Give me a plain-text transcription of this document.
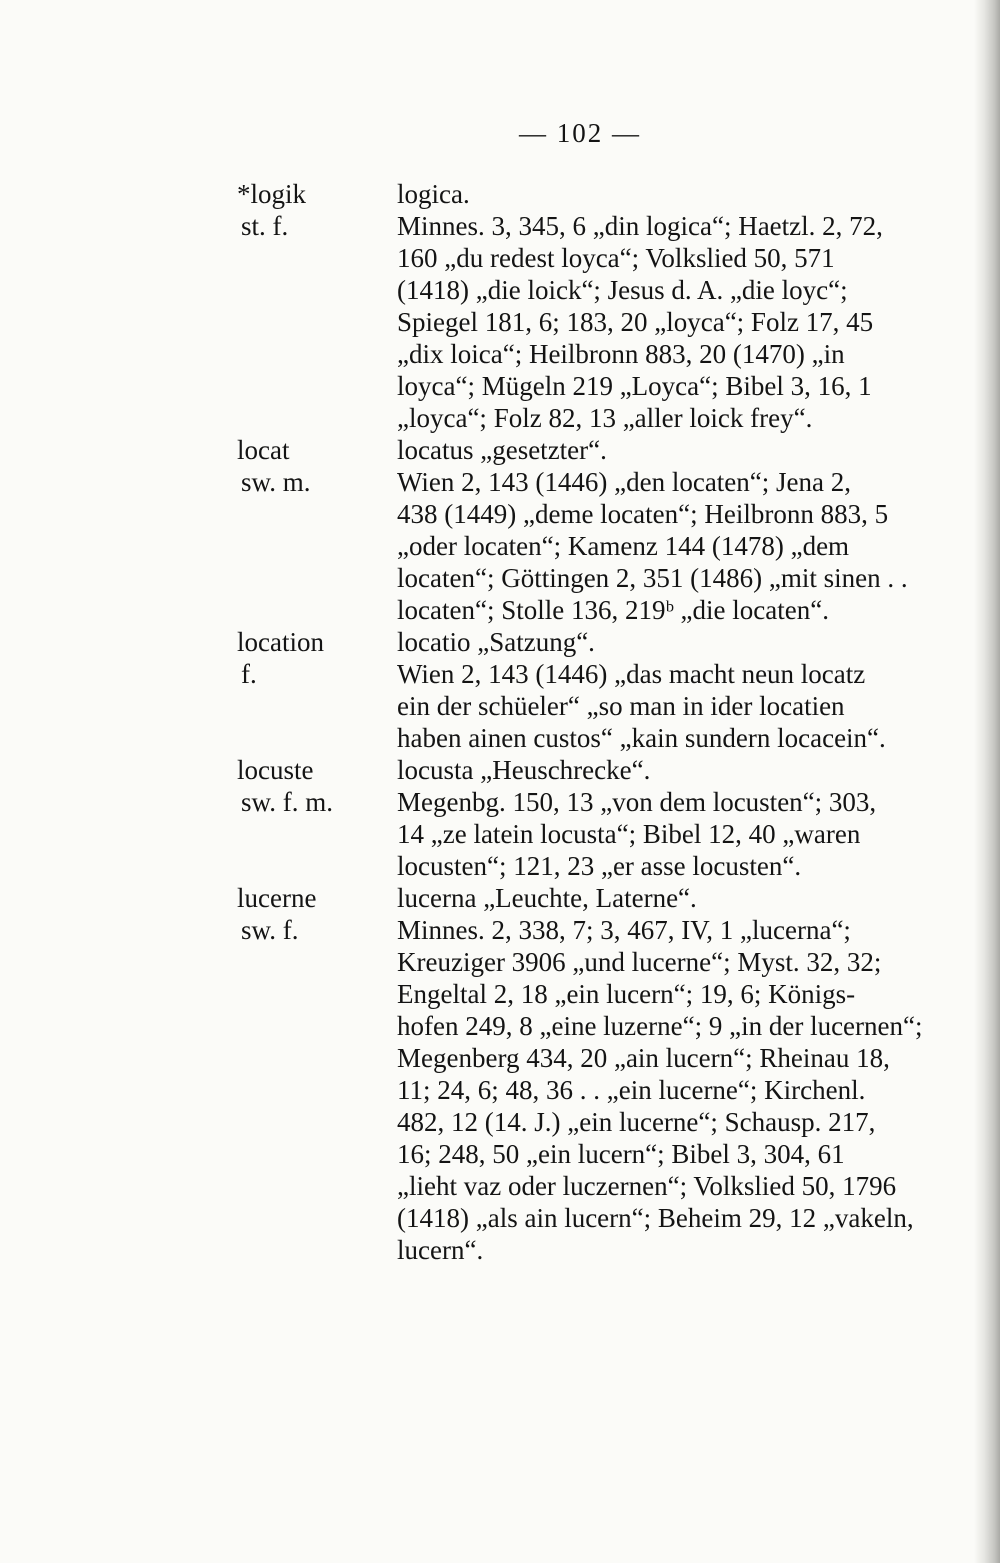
— 102 —
*logik
st. f.
logica.
Minnes. 3, 345, 6 „din logica“; Haetzl. 2, 72,
160 „du redest loyca“; Volkslied 50, 571
(1418) „die loick“; Jesus d. A. „die loyc“;
Spiegel 181, 6; 183, 20 „loyca“; Folz 17, 45
„dix loica“; Heilbronn 883, 20 (1470) „in
loyca“; Mügeln 219 „Loyca“; Bibel 3, 16, 1
„loyca“; Folz 82, 13 „aller loick frey“.
locat
sw. m.
locatus „gesetzter“.
Wien 2, 143 (1446) „den locaten“; Jena 2,
438 (1449) „deme locaten“; Heilbronn 883, 5
„oder locaten“; Kamenz 144 (1478) „dem
locaten“; Göttingen 2, 351 (1486) „mit sinen . .
locaten“; Stolle 136, 219ᵇ „die locaten“.
location
f.
locatio „Satzung“.
Wien 2, 143 (1446) „das macht neun locatz
ein der schüeler“ „so man in ider locatien
haben ainen custos“ „kain sundern locacein“.
locuste
sw. f. m.
locusta „Heuschrecke“.
Megenbg. 150, 13 „von dem locusten“; 303,
14 „ze latein locusta“; Bibel 12, 40 „waren
locusten“; 121, 23 „er asse locusten“.
lucerne
sw. f.
lucerna „Leuchte, Laterne“.
Minnes. 2, 338, 7; 3, 467, IV, 1 „lucerna“;
Kreuziger 3906 „und lucerne“; Myst. 32, 32;
Engeltal 2, 18 „ein lucern“; 19, 6; Königs-
hofen 249, 8 „eine luzerne“; 9 „in der lucernen“;
Megenberg 434, 20 „ain lucern“; Rheinau 18,
11; 24, 6; 48, 36 . . „ein lucerne“; Kirchenl.
482, 12 (14. J.) „ein lucerne“; Schausp. 217,
16; 248, 50 „ein lucern“; Bibel 3, 304, 61
„lieht vaz oder luczernen“; Volkslied 50, 1796
(1418) „als ain lucern“; Beheim 29, 12 „vakeln,
lucern“.
